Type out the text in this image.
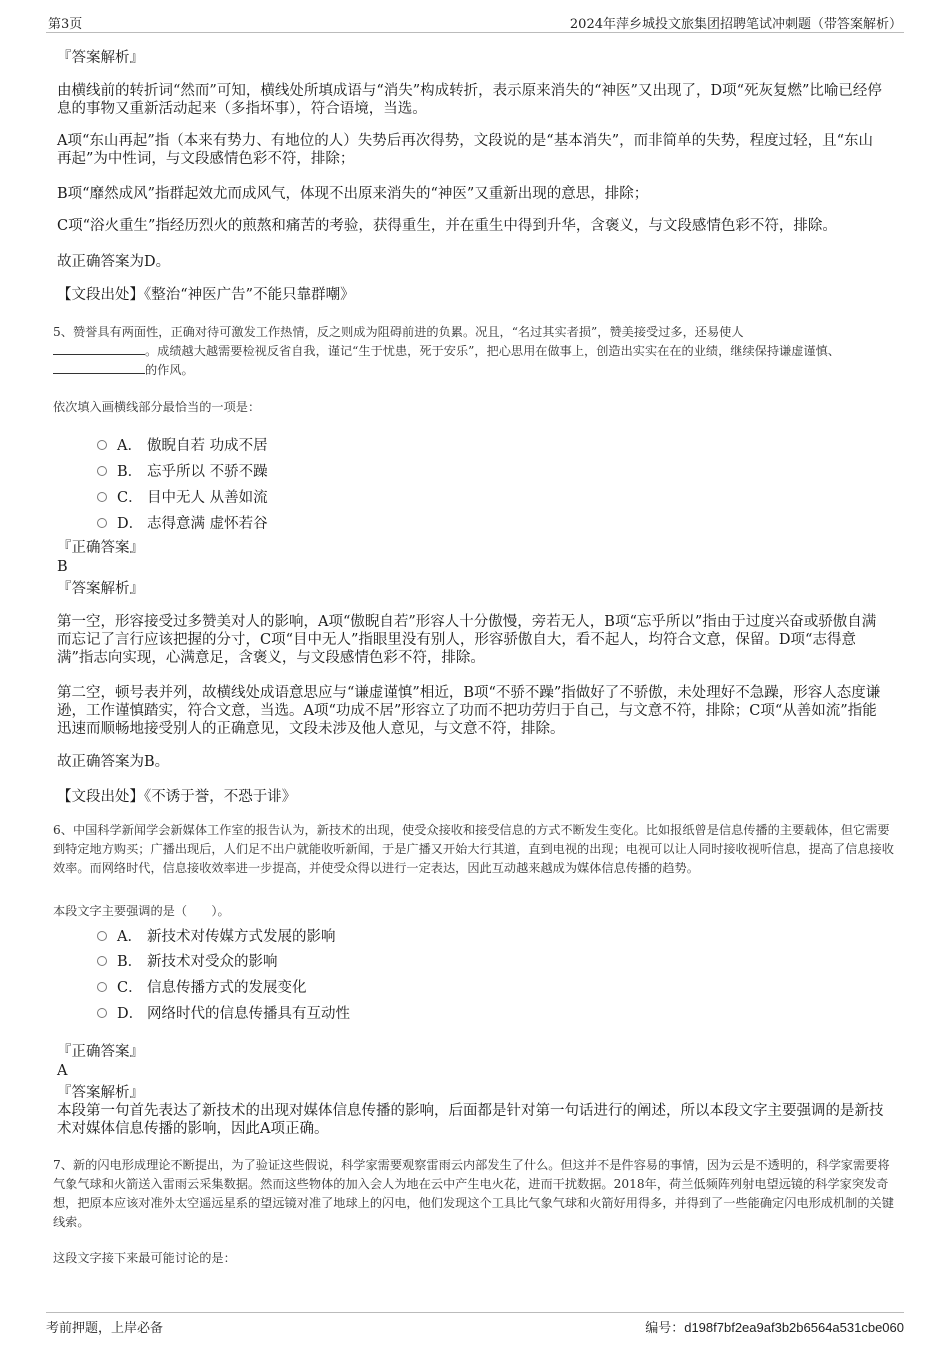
第3页	2024年萍乡城投文旅集团招聘笔试冲刺题（带答案解析）

『答案解析』

由横线前的转折词“然而”可知，横线处所填成语与“消失”构成转折，表示原来消失的“神医”又出现了，D项“死灰复燃”比喻已经停息的事物又重新活动起来（多指坏事），符合语境，当选。

A项“东山再起”指（本来有势力、有地位的人）失势后再次得势，文段说的是“基本消失”，而非简单的失势，程度过轻，且“东山再起”为中性词，与文段感情色彩不符，排除；

B项“靡然成风”指群起效尤而成风气，体现不出原来消失的“神医”又重新出现的意思，排除；

C项“浴火重生”指经历烈火的煎熬和痛苦的考验，获得重生，并在重生中得到升华，含褒义，与文段感情色彩不符，排除。

故正确答案为D。

【文段出处】《整治“神医广告”不能只靠群嘲》

5、赞誉具有两面性，正确对待可激发工作热情，反之则成为阻碍前进的负累。况且，“名过其实者损”，赞美接受过多，还易使人
。成绩越大越需要检视反省自我，谨记“生于忧患，死于安乐”，把心思用在做事上，创造出实实在在的业绩，继续保持谦虚谨慎、的作风。

依次填入画横线部分最恰当的一项是：

A． 傲睨自若 功成不居
B． 忘乎所以 不骄不躁
C． 目中无人 从善如流
D． 志得意满 虚怀若谷

『正确答案』

B

『答案解析』

第一空，形容接受过多赞美对人的影响，A项“傲睨自若”形容人十分傲慢，旁若无人，B项“忘乎所以”指由于过度兴奋或骄傲自满而忘记了言行应该把握的分寸，C项“目中无人”指眼里没有别人，形容骄傲自大，看不起人，均符合文意，保留。D项“志得意满”指志向实现，心满意足，含褒义，与文段感情色彩不符，排除。

第二空，顿号表并列，故横线处成语意思应与“谦虚谨慎”相近，B项“不骄不躁”指做好了不骄傲，未处理好不急躁，形容人态度谦逊，工作谨慎踏实，符合文意，当选。A项“功成不居”形容立了功而不把功劳归于自己，与文意不符，排除；C项“从善如流”指能迅速而顺畅地接受别人的正确意见，文段未涉及他人意见，与文意不符，排除。

故正确答案为B。

【文段出处】《不诱于誉，不恐于诽》

6、中国科学新闻学会新媒体工作室的报告认为，新技术的出现，使受众接收和接受信息的方式不断发生变化。比如报纸曾是信息传播的主要载体，但它需要到特定地方购买；广播出现后，人们足不出户就能收听新闻，于是广播又开始大行其道，直到电视的出现；电视可以让人同时接收视听信息，提高了信息接收效率。而网络时代，信息接收效率进一步提高，并使受众得以进行一定表达，因此互动越来越成为媒体信息传播的趋势。

本段文字主要强调的是（　　）。

A． 新技术对传媒方式发展的影响
B． 新技术对受众的影响
C． 信息传播方式的发展变化
D． 网络时代的信息传播具有互动性

『正确答案』

A

『答案解析』

本段第一句首先表达了新技术的出现对媒体信息传播的影响，后面都是针对第一句话进行的阐述，所以本段文字主要强调的是新技术对媒体信息传播的影响，因此A项正确。

7、新的闪电形成理论不断提出，为了验证这些假说，科学家需要观察雷雨云内部发生了什么。但这并不是件容易的事情，因为云是不透明的，科学家需要将气象气球和火箭送入雷雨云采集数据。然而这些物体的加入会人为地在云中产生电火花，进而干扰数据。2018年，荷兰低频阵列射电望远镜的科学家突发奇想，把原本应该对准外太空遥远星系的望远镜对准了地球上的闪电，他们发现这个工具比气象气球和火箭好用得多，并得到了一些能确定闪电形成机制的关键线索。

这段文字接下来最可能讨论的是：

考前押题，上岸必备	编号：d198f7bf2ea9af3b2b6564a531cbe060
